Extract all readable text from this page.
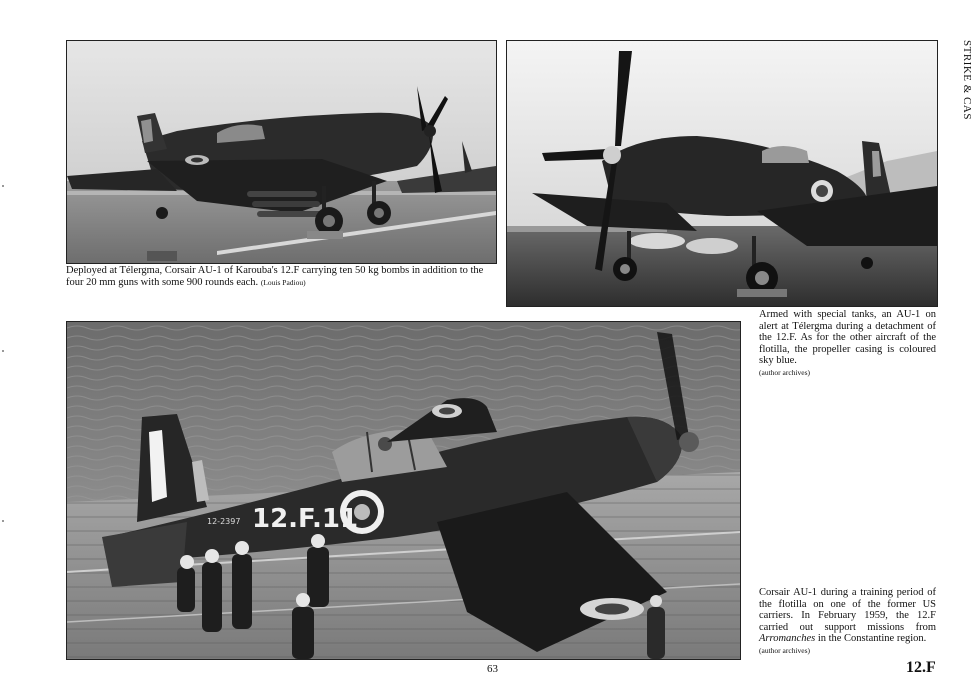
Deployed at Télergma, Corsair AU-1 of Karouba's 12.F carrying ten 50 kg bombs in addition to the four 20 mm guns with some 900 rounds each. (Louis Padiou)
Armed with special tanks, an AU-1 on alert at Télergma during a detachment of the 12.F. As for the other aircraft of the flotilla, the propeller casing is coloured sky blue.
(author archives)
12.F.11
12-2397
Corsair AU-1 during a training period of the flotilla on one of the former US carriers. In February 1959, the 12.F carried out support missions from Arromanches in the Constantine region.
(author archives)
STRIKE & CAS
63	12.F
